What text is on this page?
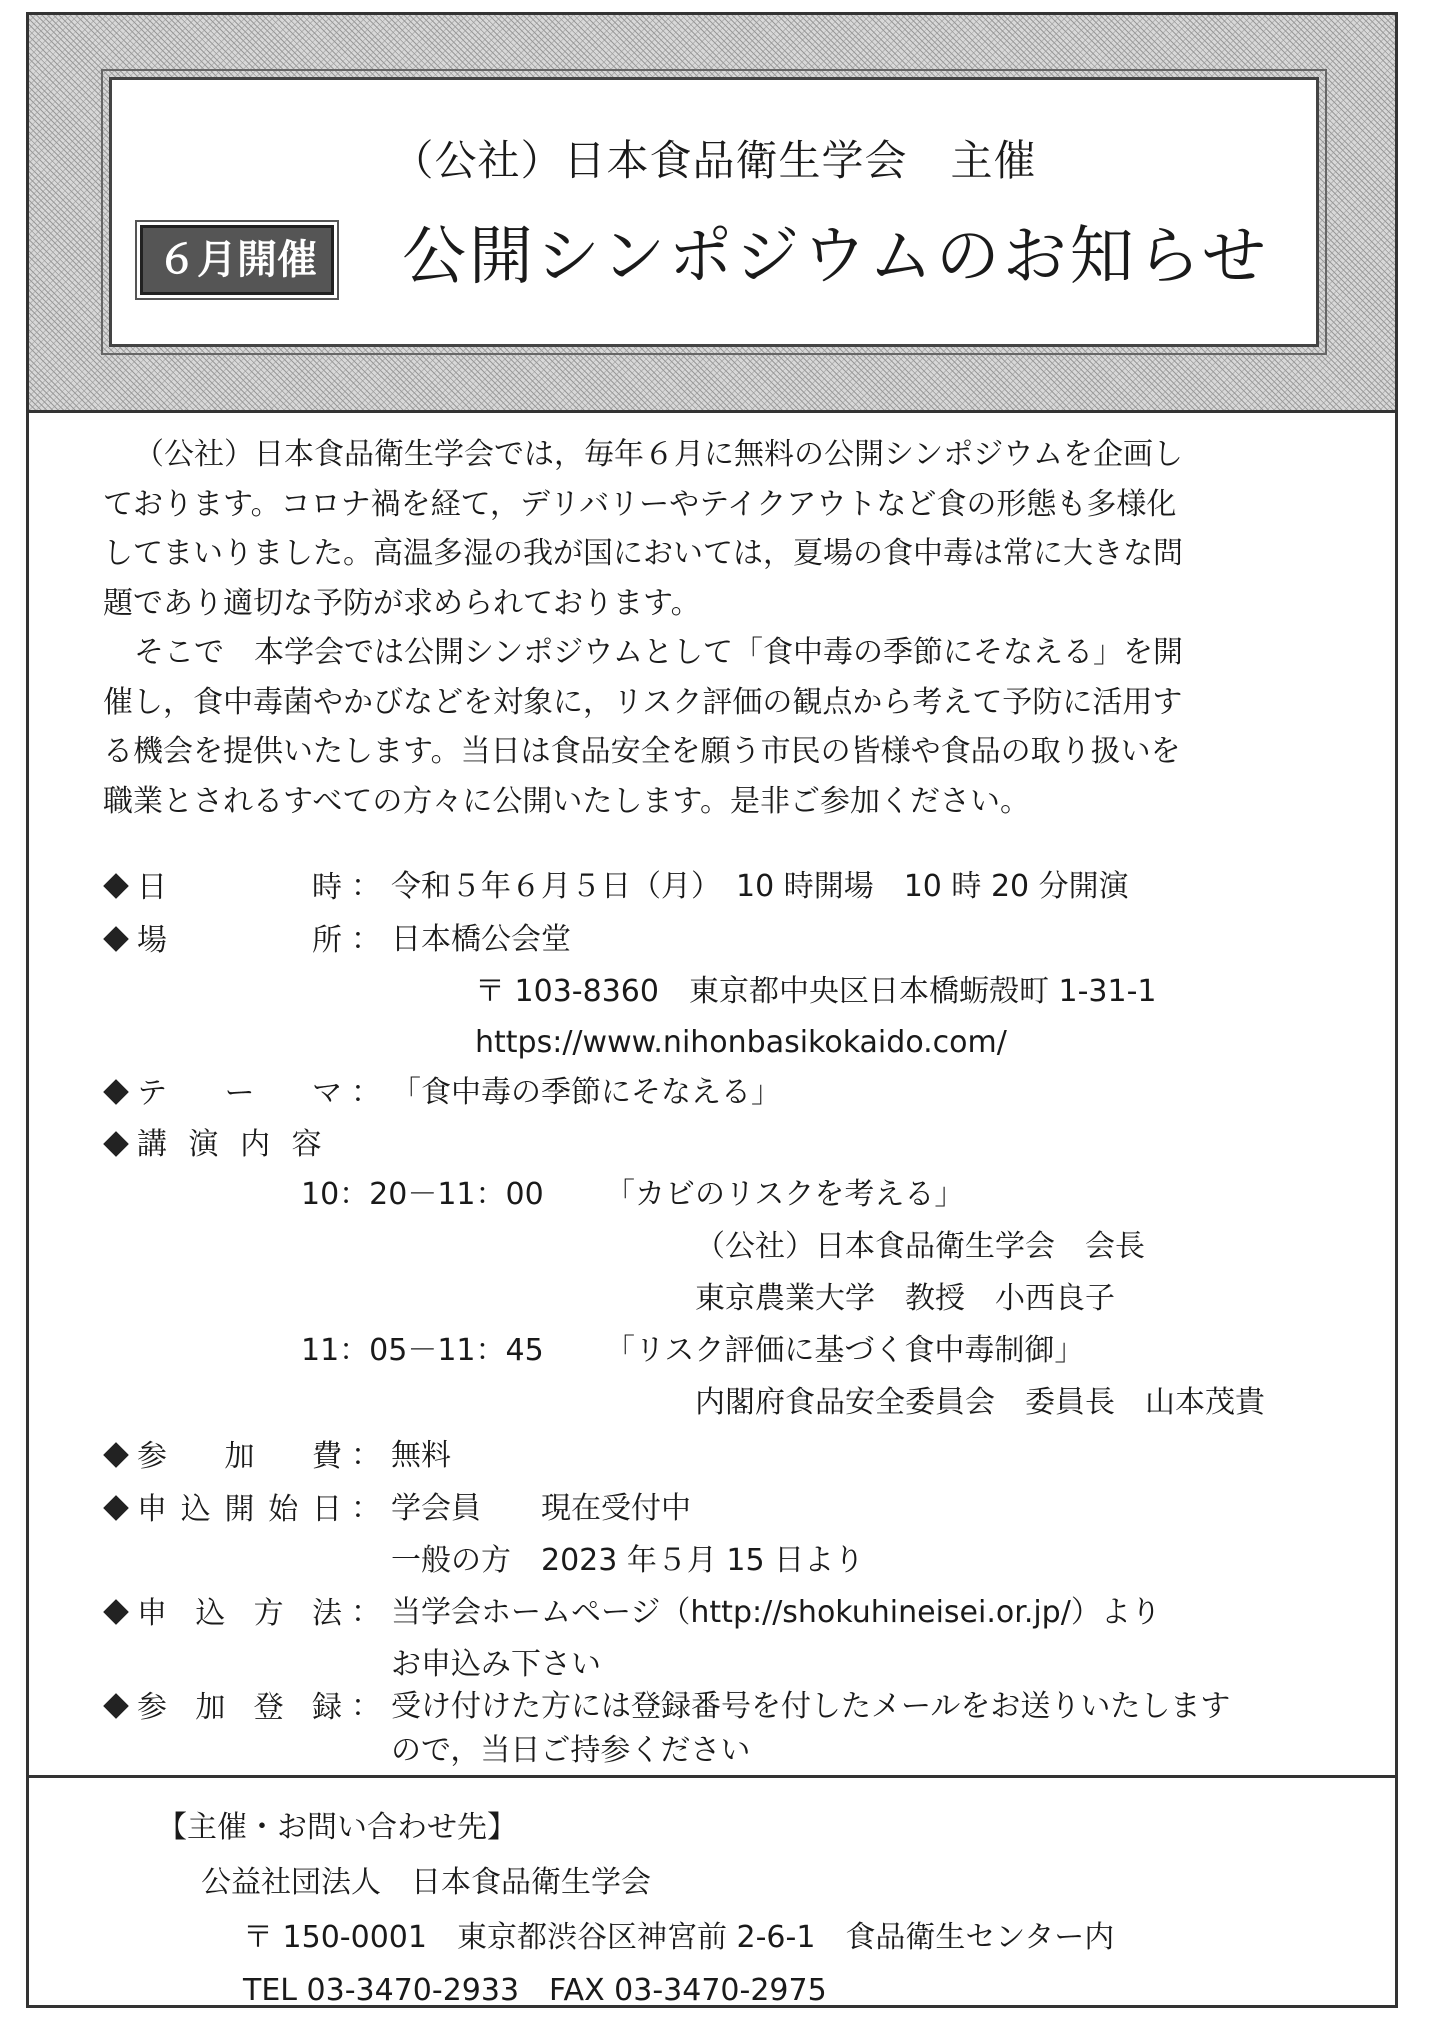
（公社）日本食品衛生学会　主催
６月開催 公開シンポジウムのお知らせ

（公社）日本食品衛生学会では，毎年６月に無料の公開シンポジウムを企画し
ております。コロナ禍を経て，デリバリーやテイクアウトなど食の形態も多様化
してまいりました。高温多湿の我が国においては，夏場の食中毒は常に大きな問
題であり適切な予防が求められております。

そこで　本学会では公開シンポジウムとして「食中毒の季節にそなえる」を開
催し，食中毒菌やかびなどを対象に，リスク評価の観点から考えて予防に活用す
る機会を提供いたします。当日は食品安全を願う市民の皆様や食品の取り扱いを
職業とされるすべての方々に公開いたします。是非ご参加ください。

日	時 ： 令和５年６月５日（月）　10 時開場　10 時 20 分開演
場	所 ： 日本橋公会堂
〒 103-8360　東京都中央区日本橋蛎殻町 1-31-1
https://www.nihonbasikokaido.com/
テ ー マ ： 「食中毒の季節にそなえる」
講 演 内 容
10：20－11：00 「カビのリスクを考える」
（公社）日本食品衛生学会　会長
東京農業大学　教授　小西良子
11：05－11：45 「リスク評価に基づく食中毒制御」
内閣府食品安全委員会　委員長　山本茂貴
参 加 費 ： 無料
申 込 開 始 日 ： 学会員　　現在受付中
一般の方　2023 年５月 15 日より
申 込 方 法 ： 当学会ホームページ（http://shokuhineisei.or.jp/）より
お申込み下さい
参 加 登 録 ： 受け付けた方には登録番号を付したメールをお送りいたします
ので，当日ご持参ください
【主催・お問い合わせ先】
公益社団法人　日本食品衛生学会
〒 150-0001　東京都渋谷区神宮前 2-6-1　食品衛生センター内
TEL 03-3470-2933　FAX 03-3470-2975
